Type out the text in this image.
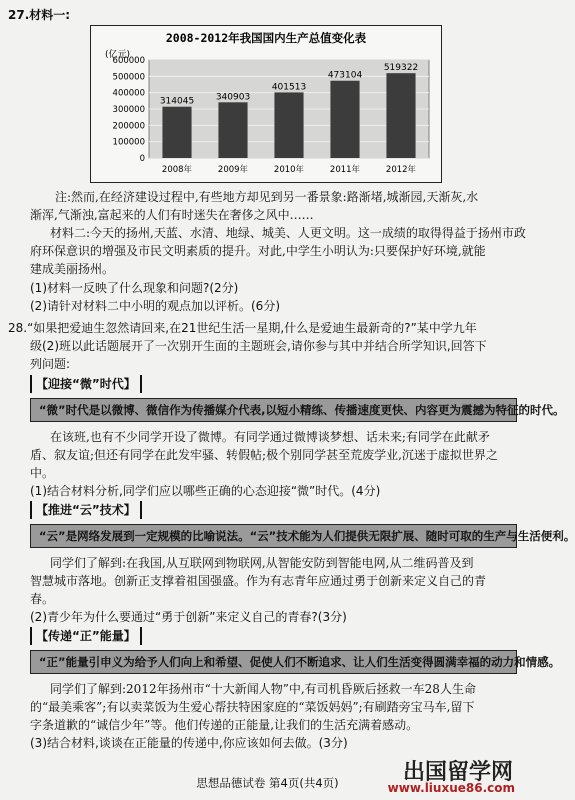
27.材料一:
600000
500000
400000
300000
200000
100000
0
314045
2008年
340903
2009年
401513
2010年
473104
2011年
519322
2012年
2008-2012年我国国内生产总值变化表
(亿元)
注:然而,在经济建设过程中,有些地方却见到另一番景象:路渐堵,城渐园,天渐灰,水
渐浑,气渐浊,富起来的人们有时迷失在奢侈之风中……
材料二:今天的扬州,天蓝、水清、地绿、城美、人更文明。这一成绩的取得得益于扬州市政
府环保意识的增强及市民文明素质的提升。对此,中学生小明认为:只要保护好环境,就能
建成美丽扬州。
(1)材料一反映了什么现象和问题?(2分)
(2)请针对材料二中小明的观点加以评析。(6分)
28.“如果把爱迪生忽然请回来,在21世纪生活一星期,什么是爱迪生最新奇的?”某中学九年
级(2)班以此话题展开了一次别开生面的主题班会,请你参与其中并结合所学知识,回答下
列问题:
【迎接“微”时代】
“微”时代是以微博、微信作为传播媒介代表,以短小精练、传播速度更快、内容更为震撼为特征的时代。
在该班,也有不少同学开设了微博。有同学通过微博谈梦想、话未来;有同学在此献矛
盾、叙友谊;但还有同学在此发牢骚、转假帖;极个别同学甚至荒废学业,沉迷于虚拟世界之
中。
(1)结合材料分析,同学们应以哪些正确的心态迎接“微”时代。(4分)
【推进“云”技术】
“云”是网络发展到一定规模的比喻说法。“云”技术能为人们提供无限扩展、随时可取的生产与生活便利。
同学们了解到:在我国,从互联网到物联网,从智能安防到智能电网,从二维码普及到
智慧城市落地。创新正支撑着祖国强盛。作为有志青年应通过勇于创新来定义自己的青
春。
(2)青少年为什么要通过“勇于创新”来定义自己的青春?(3分)
【传递“正”能量】
“正”能量引申义为给予人们向上和希望、促使人们不断追求、让人们生活变得圆满幸福的动力和情感。
同学们了解到:2012年扬州市“十大新闻人物”中,有司机昏厥后拯救一车28人生命
的“最美乘客”;有以卖菜饭为生爱心帮扶特困家庭的“菜饭妈妈”;有刷踏旁宝马车,留下
字条道歉的“诚信少年”等。他们传递的正能量,让我们的生活充满着感动。
(3)结合材料,谈谈在正能量的传递中,你应该如何去做。(3分)
出国留学网
www.liuxue86.com
思想品德试卷 第4页(共4页)
